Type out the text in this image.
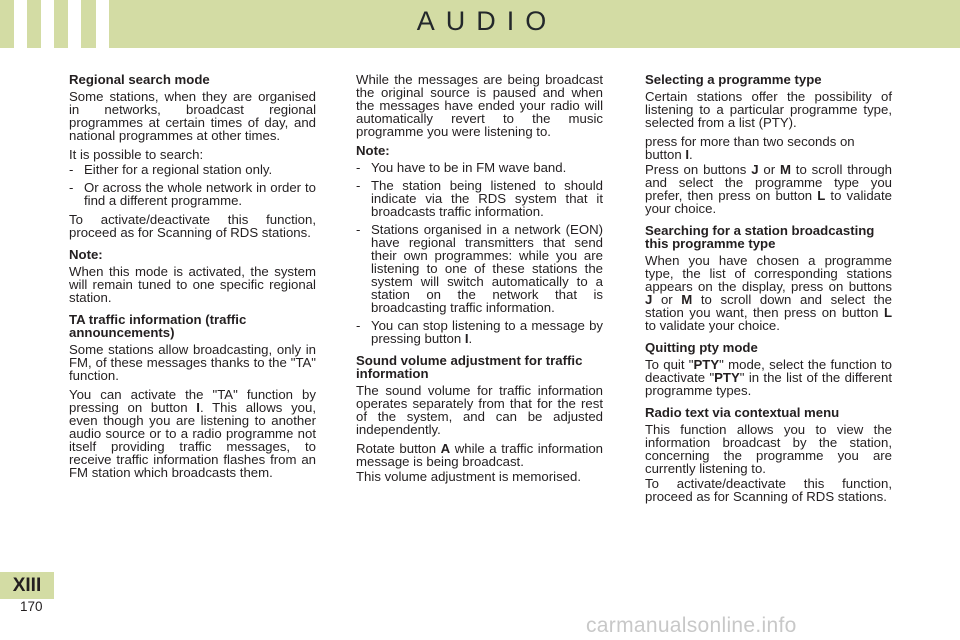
AUDIO
Regional search mode

Some stations, when they are organised in networks, broadcast regional programmes at certain times of day, and national programmes at other times.

It is possible to search:

- Either for a regional station only.
- Or across the whole network in order to find a different programme.

To activate/deactivate this function, proceed as for Scanning of RDS stations.

Note:

When this mode is activated, the system will remain tuned to one specific regional station.

TA traffic information (traffic announcements)

Some stations allow broadcasting, only in FM, of these messages thanks to the "TA" function.

You can activate the "TA" function by pressing on button I. This allows you, even though you are listening to another audio source or to a radio programme not itself providing traffic messages, to receive traffic information flashes from an FM station which broadcasts them.

While the messages are being broadcast the original source is paused and when the messages have ended your radio will automatically revert to the music programme you were listening to.

Note:
- You have to be in FM wave band.
- The station being listened to should indicate via the RDS system that it broadcasts traffic information.
- Stations organised in a network (EON) have regional transmitters that send their own programmes: while you are listening to one of these stations the system will switch automatically to a station on the network that is broadcasting traffic information.
- You can stop listening to a message by pressing button I.
Sound volume adjustment for traffic information

The sound volume for traffic information operates separately from that for the rest of the system, and can be adjusted independently.

Rotate button A while a traffic information message is being broadcast.

This volume adjustment is memorised.

Selecting a programme type

Certain stations offer the possibility of listening to a particular programme type, selected from a list (PTY).

press for more than two seconds on button I.

Press on buttons J or M to scroll through and select the programme type you prefer, then press on button L to validate your choice.

Searching for a station broadcasting this programme type

When you have chosen a programme type, the list of corresponding stations appears on the display, press on buttons J or M to scroll down and select the station you want, then press on button L to validate your choice.

Quitting pty mode

To quit "PTY" mode, select the function to deactivate "PTY" in the list of the different programme types.

Radio text via contextual menu

This function allows you to view the information broadcast by the station, concerning the programme you are currently listening to.

To activate/deactivate this function, proceed as for Scanning of RDS stations.

XIII
170
carmanualsonline.info
